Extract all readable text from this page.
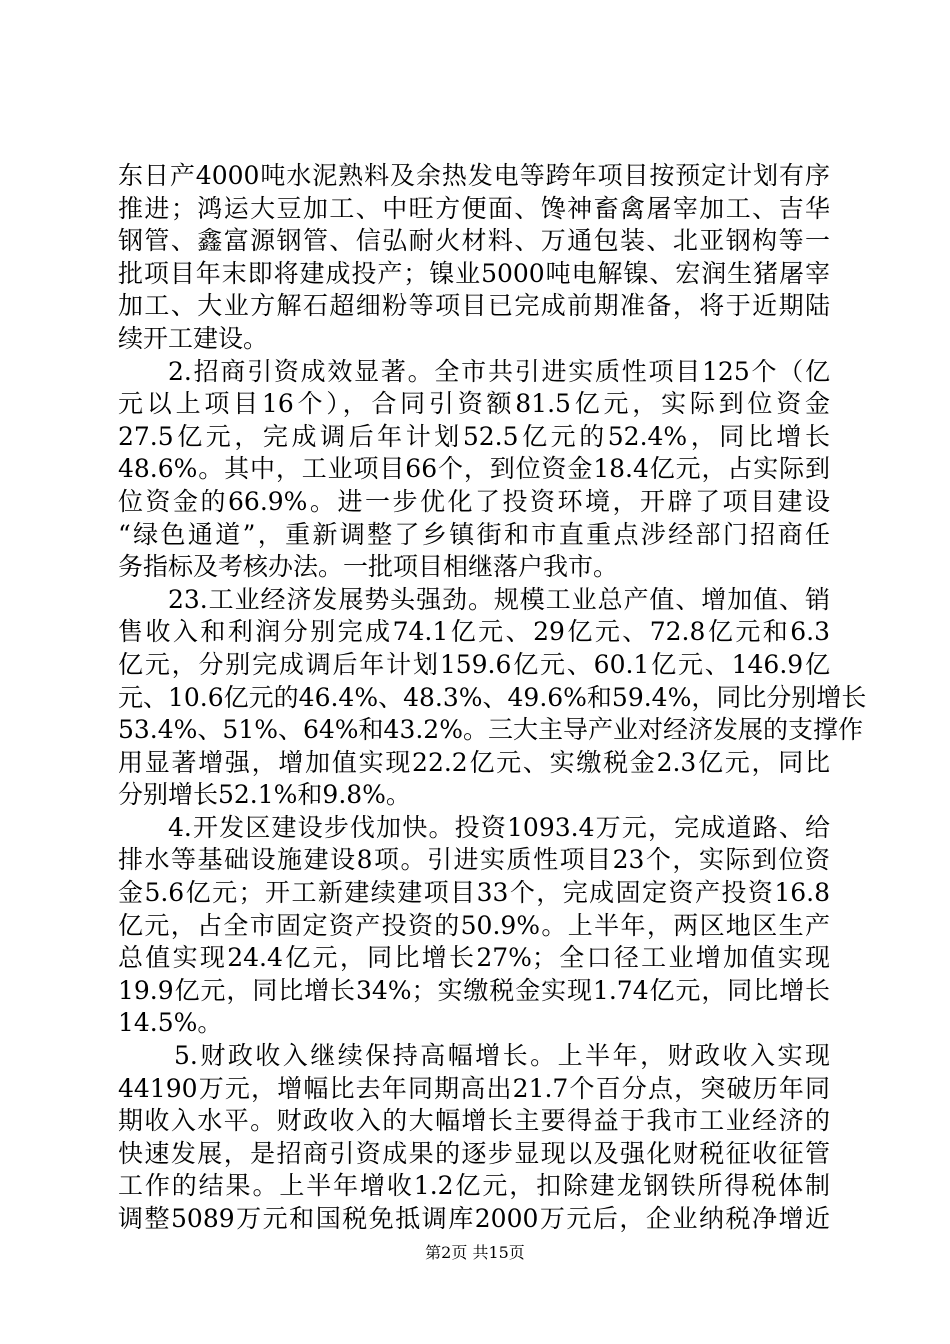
东日产4000吨水泥熟料及余热发电等跨年项目按预定计划有序
推进；鸿运大豆加工、中旺方便面、馋神畜禽屠宰加工、吉华
钢管、鑫富源钢管、信弘耐火材料、万通包装、北亚钢构等一
批项目年末即将建成投产；镍业5000吨电解镍、宏润生猪屠宰
加工、大业方解石超细粉等项目已完成前期准备，将于近期陆
续开工建设。
2.招商引资成效显著。全市共引进实质性项目125个（亿
元以上项目16个），合同引资额81.5亿元，实际到位资金
27.5亿元，完成调后年计划52.5亿元的52.4%，同比增长
48.6%。其中，工业项目66个，到位资金18.4亿元，占实际到
位资金的66.9%。进一步优化了投资环境，开辟了项目建设
“绿色通道”，重新调整了乡镇街和市直重点涉经部门招商任
务指标及考核办法。一批项目相继落户我市。
23.工业经济发展势头强劲。规模工业总产值、增加值、销
售收入和利润分别完成74.1亿元、29亿元、72.8亿元和6.3
亿元，分别完成调后年计划159.6亿元、60.1亿元、146.9亿
元、10.6亿元的46.4%、48.3%、49.6%和59.4%，同比分别增长
53.4%、51%、64%和43.2%。三大主导产业对经济发展的支撑作
用显著增强，增加值实现22.2亿元、实缴税金2.3亿元，同比
分别增长52.1%和9.8%。
4.开发区建设步伐加快。投资1093.4万元，完成道路、给
排水等基础设施建设8项。引进实质性项目23个，实际到位资
金5.6亿元；开工新建续建项目33个，完成固定资产投资16.8
亿元，占全市固定资产投资的50.9%。上半年，两区地区生产
总值实现24.4亿元，同比增长27%；全口径工业增加值实现
19.9亿元，同比增长34%；实缴税金实现1.74亿元，同比增长
14.5%。
5.财政收入继续保持高幅增长。上半年，财政收入实现
44190万元，增幅比去年同期高出21.7个百分点，突破历年同
期收入水平。财政收入的大幅增长主要得益于我市工业经济的
快速发展，是招商引资成果的逐步显现以及强化财税征收征管
工作的结果。上半年增收1.2亿元，扣除建龙钢铁所得税体制
调整5089万元和国税免抵调库2000万元后，企业纳税净增近
第2页 共15页
